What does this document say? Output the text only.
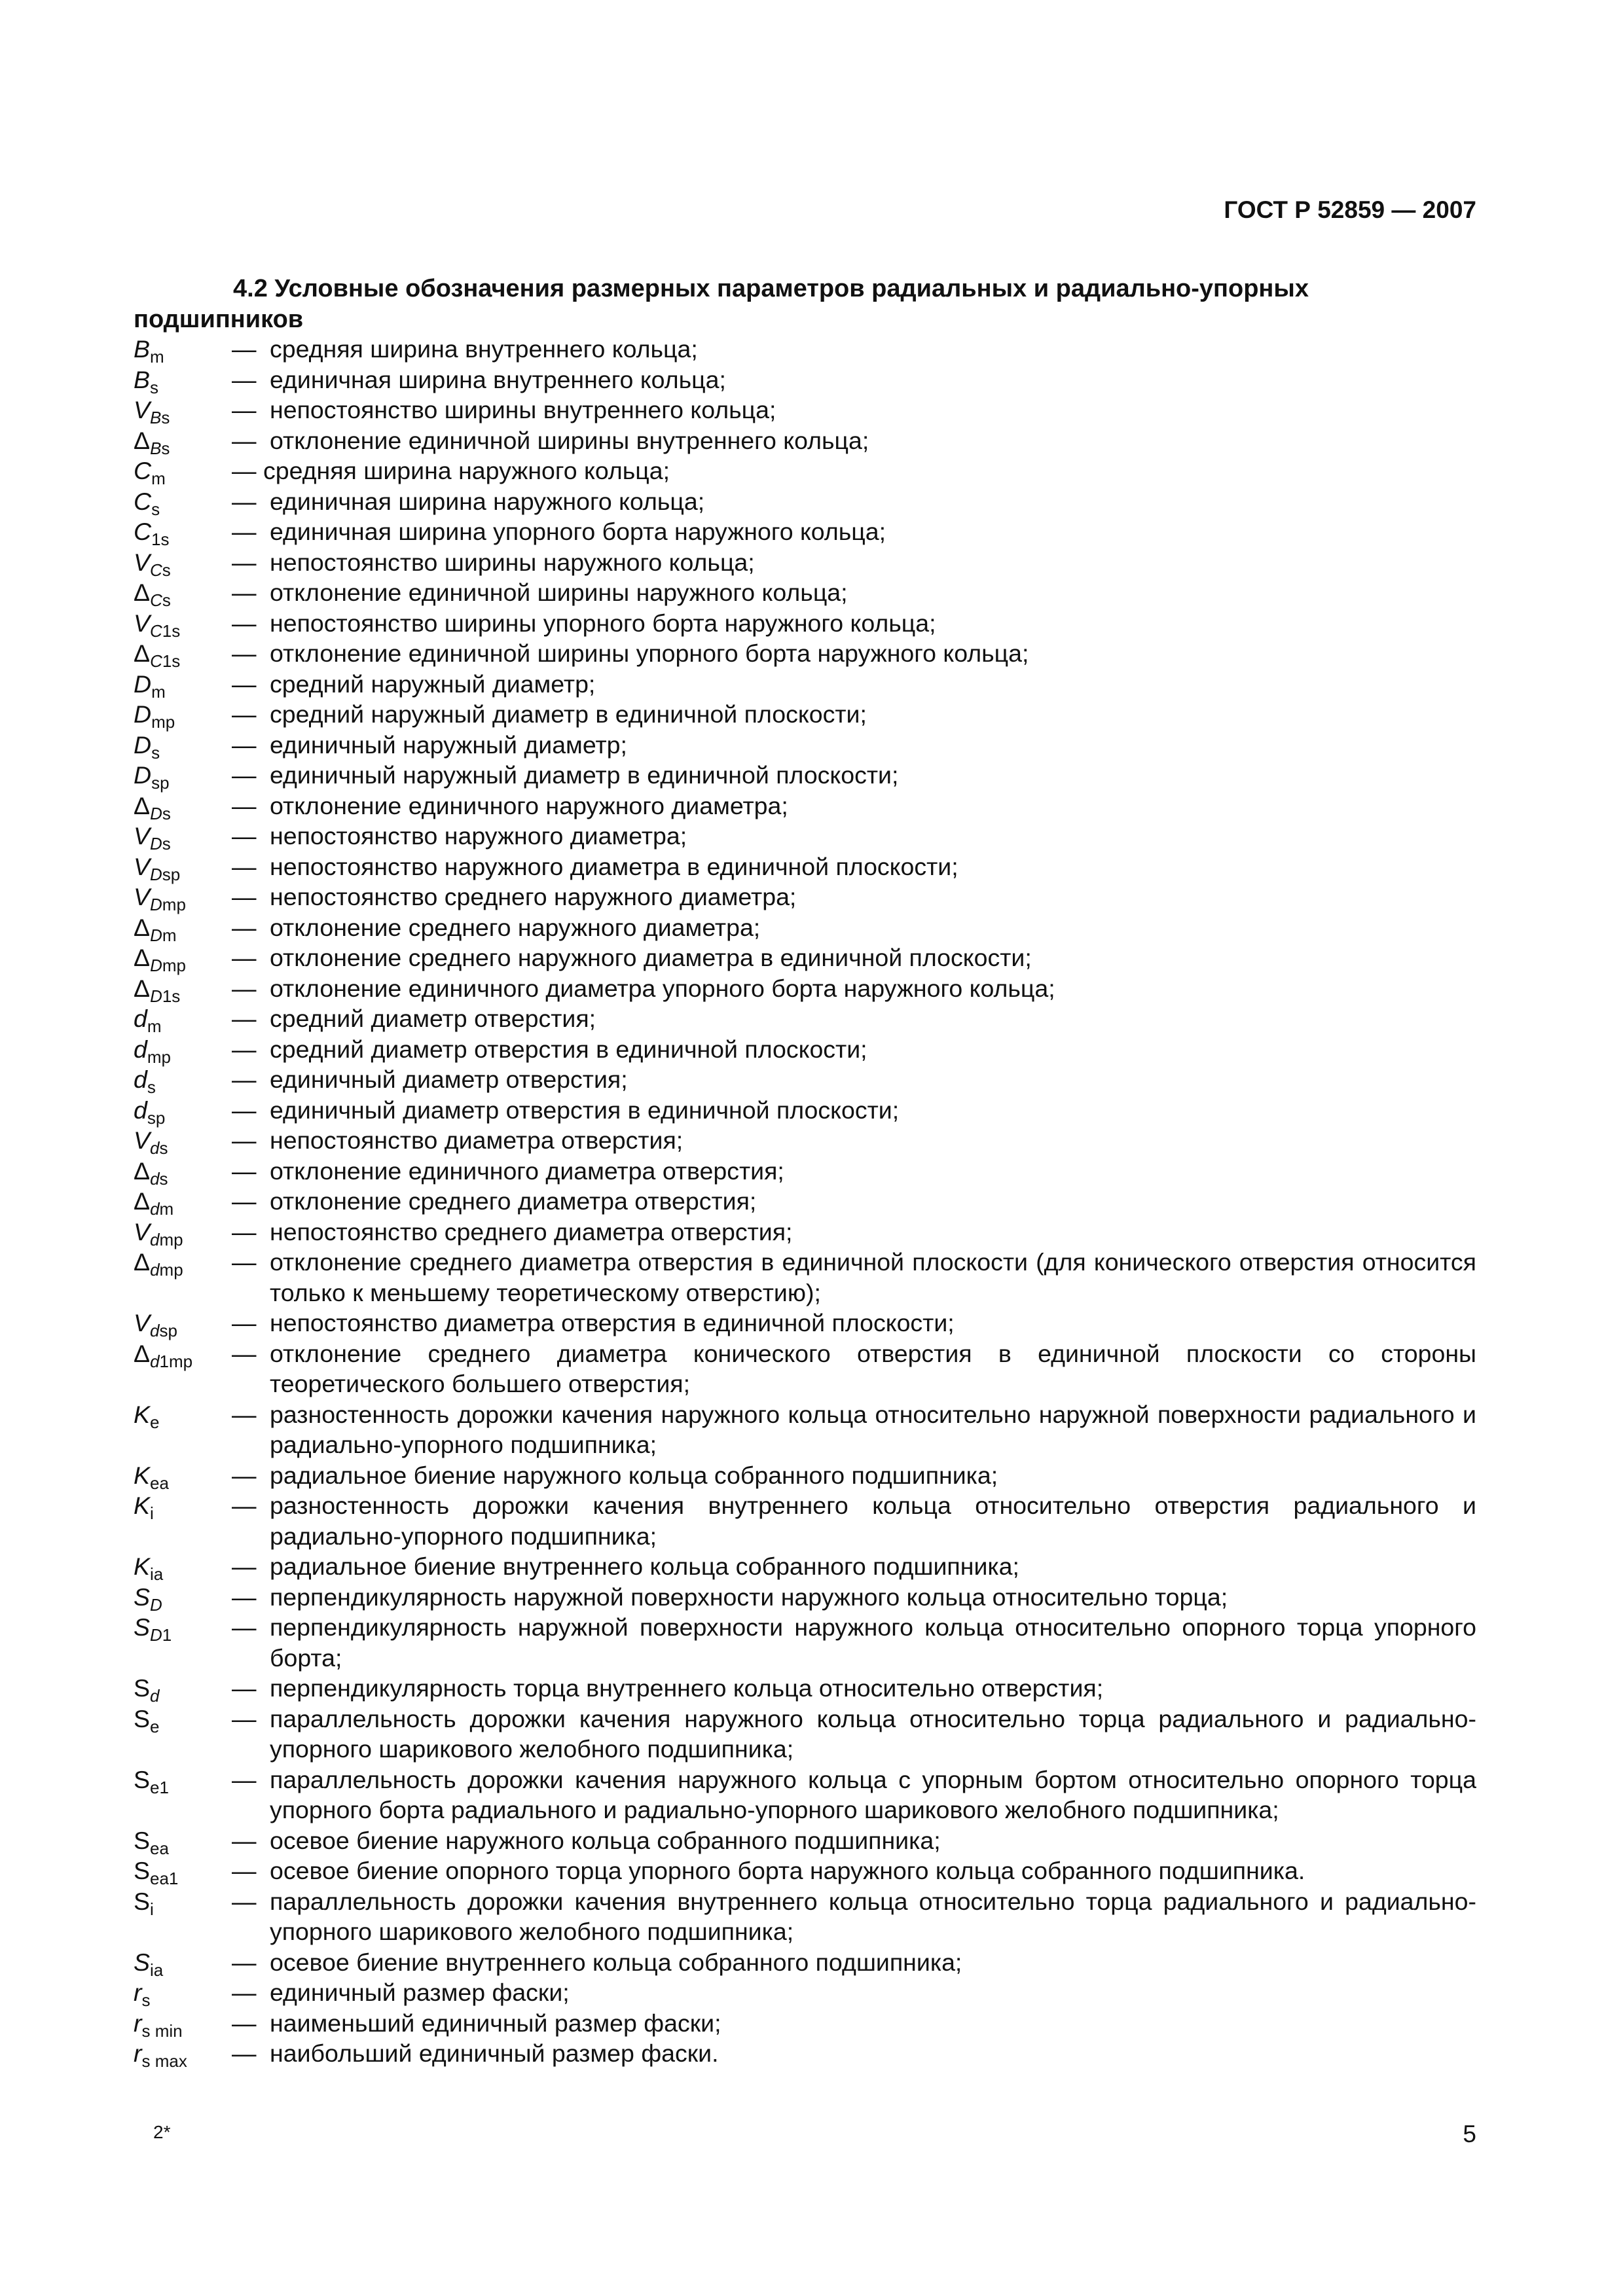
ГОСТ Р 52859 — 2007
4.2 Условные обозначения размерных параметров радиальных и радиально-упорных подшипников
$B_m$	— средняя ширина внутреннего кольца;
$B_s$	— единичная ширина внутреннего кольца;
$V_{Bs}$	— непостоянство ширины внутреннего кольца;
$\Delta_{Bs}$	— отклонение единичной ширины внутреннего кольца;
$C_m$	— средняя ширина наружного кольца;
$C_s$	— единичная ширина наружного кольца;
$C_{1s}$	— единичная ширина упорного борта наружного кольца;
$V_{Cs}$	— непостоянство ширины наружного кольца;
$\Delta_{Cs}$	— отклонение единичной ширины наружного кольца;
$V_{C1s}$	— непостоянство ширины упорного борта наружного кольца;
$\Delta_{C1s}$	— отклонение единичной ширины упорного борта наружного кольца;
$D_m$	— средний наружный диаметр;
$D_{mp}$	— средний наружный диаметр в единичной плоскости;
$D_s$	— единичный наружный диаметр;
$D_{sp}$	— единичный наружный диаметр в единичной плоскости;
$\Delta_{Ds}$	— отклонение единичного наружного диаметра;
$V_{Ds}$	— непостоянство наружного диаметра;
$V_{Dsp}$	— непостоянство наружного диаметра в единичной плоскости;
$V_{Dmp}$	— непостоянство среднего наружного диаметра;
$\Delta_{Dm}$	— отклонение среднего наружного диаметра;
$\Delta_{Dmp}$	— отклонение среднего наружного диаметра в единичной плоскости;
$\Delta_{D1s}$	— отклонение единичного диаметра упорного борта наружного кольца;
$d_m$	— средний диаметр отверстия;
$d_{mp}$	— средний диаметр отверстия в единичной плоскости;
$d_s$	— единичный диаметр отверстия;
$d_{sp}$	— единичный диаметр отверстия в единичной плоскости;
$V_{ds}$	— непостоянство диаметра отверстия;
$\Delta_{ds}$	— отклонение единичного диаметра отверстия;
$\Delta_{dm}$	— отклонение среднего диаметра отверстия;
$V_{dmp}$	— непостоянство среднего диаметра отверстия;
$\Delta_{dmp}$	— отклонение среднего диаметра отверстия в единичной плоскости (для конического отверстия относится только к меньшему теоретическому отверстию);
$V_{dsp}$	— непостоянство диаметра отверстия в единичной плоскости;
$\Delta_{d1mp}$	— отклонение среднего диаметра конического отверстия в единичной плоскости со стороны теоретического большего отверстия;
$K_e$	— разностенность дорожки качения наружного кольца относительно наружной поверхности радиального и радиально-упорного подшипника;
$K_{ea}$	— радиальное биение наружного кольца собранного подшипника;
$K_i$	— разностенность дорожки качения внутреннего кольца относительно отверстия радиального и радиально-упорного подшипника;
$K_{ia}$	— радиальное биение внутреннего кольца собранного подшипника;
$S_D$	— перпендикулярность наружной поверхности наружного кольца относительно торца;
$S_{D1}$	— перпендикулярность наружной поверхности наружного кольца относительно опорного торца упорного борта;
$S_d$	— перпендикулярность торца внутреннего кольца относительно отверстия;
$S_e$	— параллельность дорожки качения наружного кольца относительно торца радиального и радиально-упорного шарикового желобного подшипника;
$S_{e1}$	— параллельность дорожки качения наружного кольца с упорным бортом относительно опорного торца упорного борта радиального и радиально-упорного шарикового желобного подшипника;
$S_{ea}$	— осевое биение наружного кольца собранного подшипника;
$S_{ea1}$	— осевое биение опорного торца упорного борта наружного кольца собранного подшипника.
$S_i$	— параллельность дорожки качения внутреннего кольца относительно торца радиального и радиально-упорного шарикового желобного подшипника;
$S_{ia}$	— осевое биение внутреннего кольца собранного подшипника;
$r_s$	— единичный размер фаски;
$r_{s min}$	— наименьший единичный размер фаски;
$r_{s max}$	— наибольший единичный размер фаски.
2*	5
